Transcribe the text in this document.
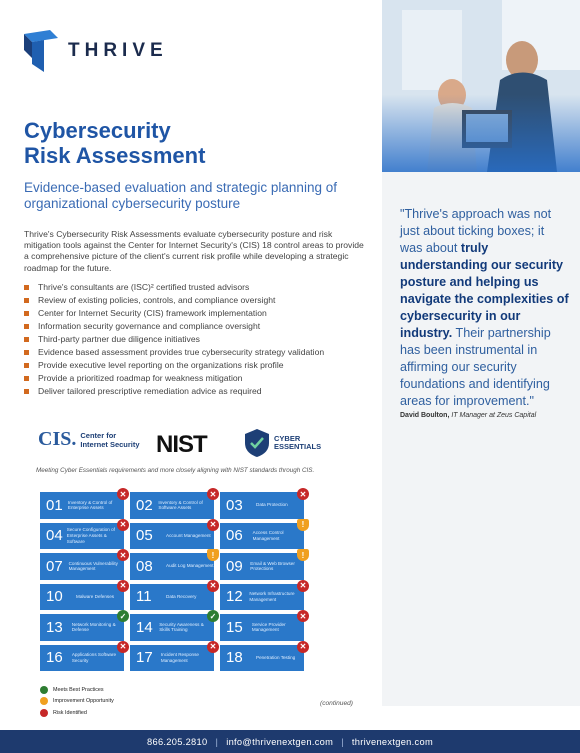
THRIVE
"Thrive's approach was not just about ticking boxes; it was about truly understanding our security posture and helping us navigate the complexities of cybersecurity in our industry. Their partnership has been instrumental in affirming our security foundations and identifying areas for improvement."
David Boulton, IT Manager at Zeus Capital
Cybersecurity
Risk Assessment
Evidence-based evaluation and strategic planning of organizational cybersecurity posture
Thrive's Cybersecurity Risk Assessments evaluate cybersecurity posture and risk mitigation tools against the Center for Internet Security's (CIS) 18 control areas to provide a comprehensive picture of the client's current risk profile while developing a strategic roadmap for the future.
Thrive's consultants are (ISC)² certified trusted advisors
Review of existing policies, controls, and compliance oversight
Center for Internet Security (CIS) framework implementation
Information security governance and compliance oversight
Third-party partner due diligence initiatives
Evidence based assessment provides true cybersecurity strategy validation
Provide executive level reporting on the organizations risk profile
Provide a prioritized roadmap for weakness mitigation
Deliver tailored prescriptive remediation advice as required
CIS. Center for
Internet Security NIST	CYBER
ESSENTIALS
Meeting Cyber Essentials requirements and more closely aligning with NIST standards through CIS.
01	Inventory & Control of Enterprise Assets
✕
02	Inventory & Control of Software Assets
✕
03	Data Protection
✕
04 Secure Configuration of Enterprise Assets & Software
✕
05	Account Management
✕
06	Access Control Management
!
07	Continuous Vulnerability Management
✕
08	Audit Log Management
!
09	Email & Web Browser Protections
!
10	Malware Defenses
✕
11	Data Recovery
✕
12	Network Infrastructure Management
✕
13	Network Monitoring & Defense
✓
14	Security Awareness & Skills Training
✓
15	Service Provider Management
✕
16	Applications Software Security
✕
17	Incident Response Management
✕
18	Penetration Testing
✕
Meets Best Practices
Improvement Opportunity
Risk Identified
(continued)
866.205.2810 | info@thrivenextgen.com | thrivenextgen.com
